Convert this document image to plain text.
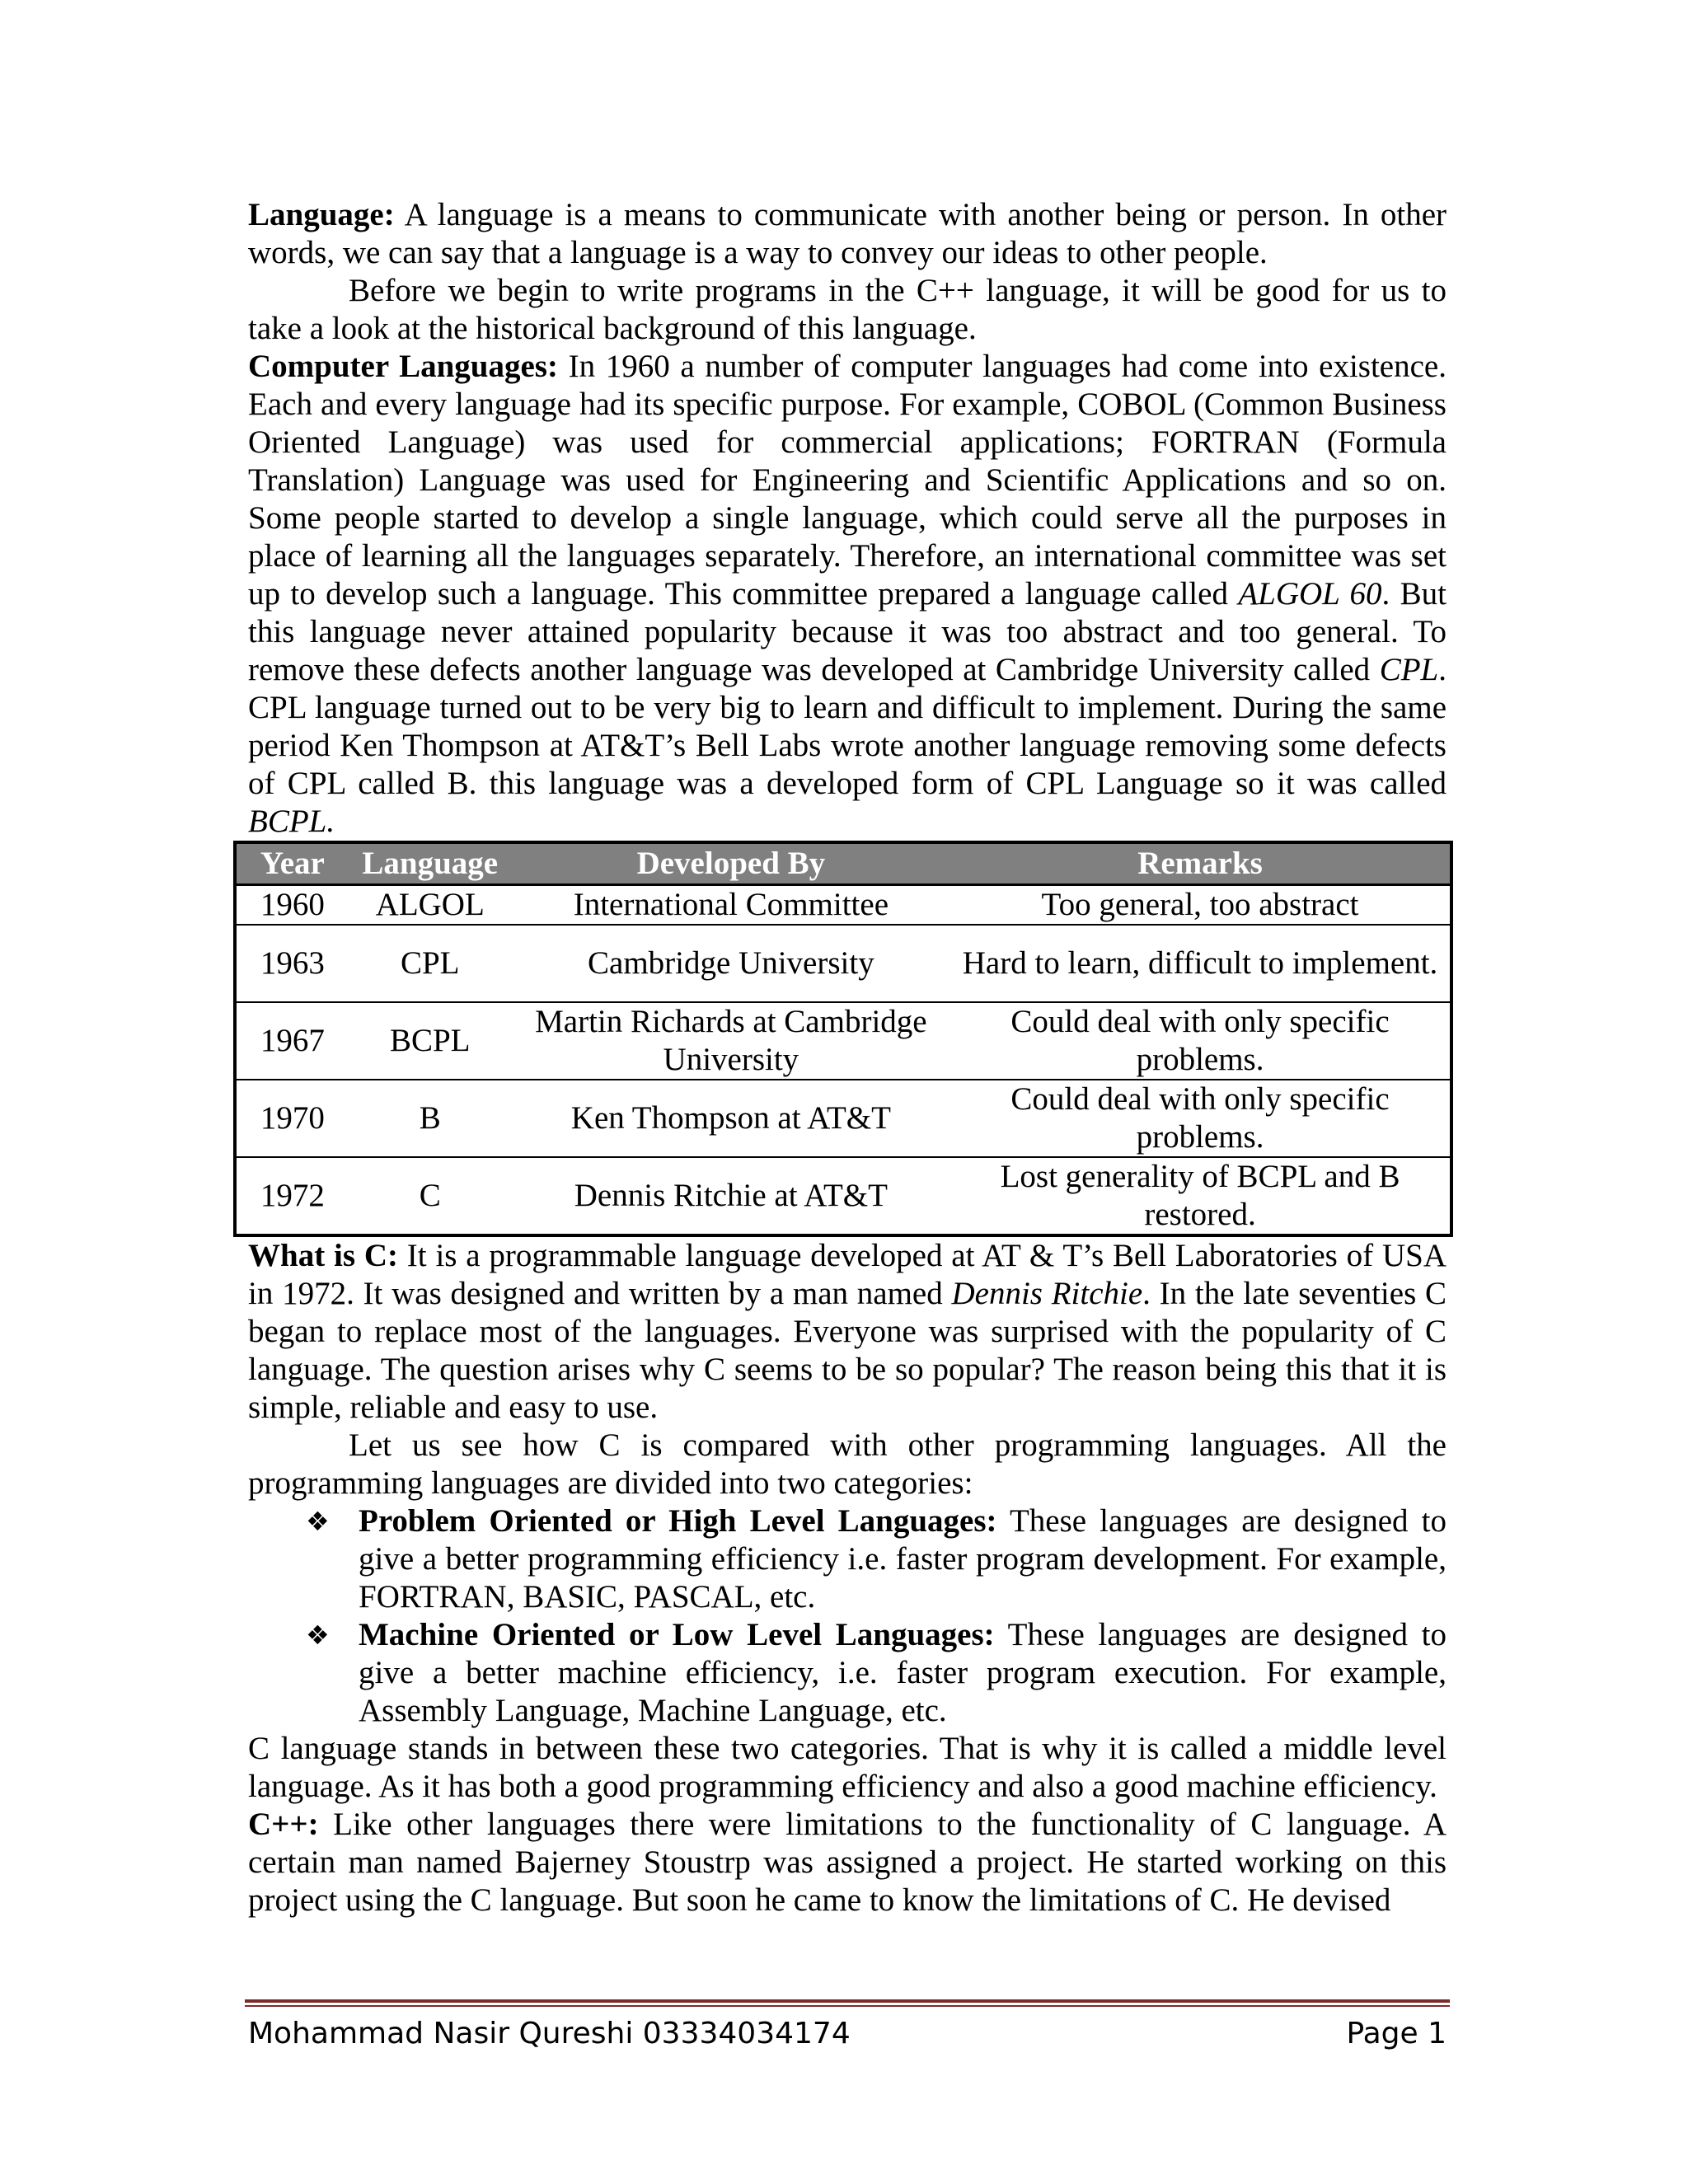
Language: A language is a means to communicate with another being or person. In other words, we can say that a language is a way to convey our ideas to other people.

Before we begin to write programs in the C++ language, it will be good for us to take a look at the historical background of this language.

Computer Languages: In 1960 a number of computer languages had come into existence. Each and every language had its specific purpose. For example, COBOL (Common Business Oriented Language) was used for commercial applications; FORTRAN (Formula Translation) Language was used for Engineering and Scientific Applications and so on. Some people started to develop a single language, which could serve all the purposes in place of learning all the languages separately. Therefore, an international committee was set up to develop such a language. This committee prepared a language called ALGOL 60. But this language never attained popularity because it was too abstract and too general. To remove these defects another language was developed at Cambridge University called CPL. CPL language turned out to be very big to learn and difficult to implement. During the same period Ken Thompson at AT&T’s Bell Labs wrote another language removing some defects of CPL called B. this language was a developed form of CPL Language so it was called BCPL.

Year	Language	Developed By	Remarks
1960	ALGOL	International Committee	Too general, too abstract
1963	CPL	Cambridge University	Hard to learn, difficult to implement.
1967	BCPL	Martin Richards at Cambridge University	Could deal with only specific problems.
1970	B	Ken Thompson at AT&T	Could deal with only specific problems.
1972	C	Dennis Ritchie at AT&T	Lost generality of BCPL and B restored.

What is C: It is a programmable language developed at AT & T’s Bell Laboratories of USA in 1972. It was designed and written by a man named Dennis Ritchie. In the late seventies C began to replace most of the languages. Everyone was surprised with the popularity of C language. The question arises why C seems to be so popular? The reason being this that it is simple, reliable and easy to use.

Let us see how C is compared with other programming languages. All the programming languages are divided into two categories:

❖ Problem Oriented or High Level Languages: These languages are designed to give a better programming efficiency i.e. faster program development. For example, FORTRAN, BASIC, PASCAL, etc.
❖ Machine Oriented or Low Level Languages: These languages are designed to give a better machine efficiency, i.e. faster program execution. For example, Assembly Language, Machine Language, etc.

C language stands in between these two categories. That is why it is called a middle level language. As it has both a good programming efficiency and also a good machine efficiency.

C++: Like other languages there were limitations to the functionality of C language. A certain man named Bajerney Stoustrp was assigned a project. He started working on this project using the C language. But soon he came to know the limitations of C. He devised

Mohammad Nasir Qureshi 03334034174	Page 1
